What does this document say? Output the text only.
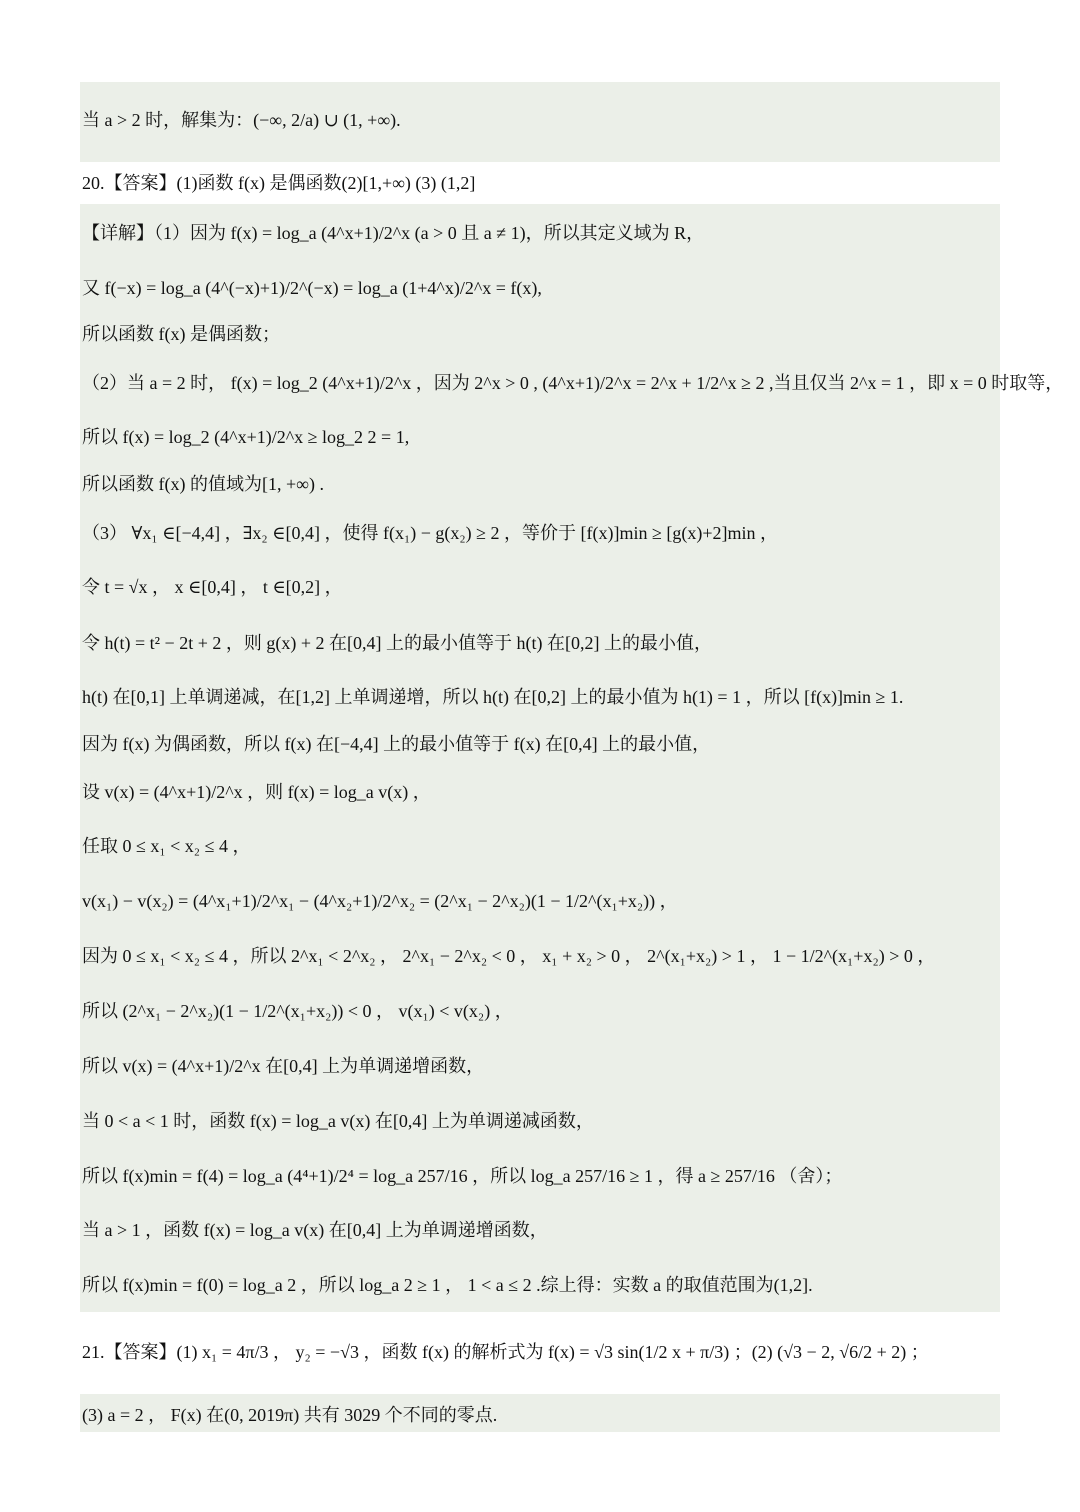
当 a > 2 时，解集为：(−∞, 2/a) ∪ (1, +∞).
20.【答案】(1)函数 f(x) 是偶函数(2)[1,+∞) (3) (1,2]
【详解】（1）因为 f(x) = log_a (4^x+1)/2^x (a > 0 且 a ≠ 1)，所以其定义域为 R，
又 f(−x) = log_a (4^(−x)+1)/2^(−x) = log_a (1+4^x)/2^x = f(x),
所以函数 f(x) 是偶函数；
（2）当 a = 2 时， f(x) = log_2 (4^x+1)/2^x ，因为 2^x > 0 , (4^x+1)/2^x = 2^x + 1/2^x ≥ 2 ,当且仅当 2^x = 1 ，即 x = 0 时取等，
所以 f(x) = log_2 (4^x+1)/2^x ≥ log_2 2 = 1,
所以函数 f(x) 的值域为[1, +∞) .
（3） ∀x₁ ∈[−4,4] ，∃x₂ ∈[0,4] ，使得 f(x₁) − g(x₂) ≥ 2 ，等价于 [f(x)]min ≥ [g(x)+2]min ，
令 t = √x ， x ∈[0,4] ， t ∈[0,2] ，
令 h(t) = t² − 2t + 2 ，则 g(x) + 2 在[0,4] 上的最小值等于 h(t) 在[0,2] 上的最小值，
h(t) 在[0,1] 上单调递减，在[1,2] 上单调递增，所以 h(t) 在[0,2] 上的最小值为 h(1) = 1 ，所以 [f(x)]min ≥ 1.
因为 f(x) 为偶函数，所以 f(x) 在[−4,4] 上的最小值等于 f(x) 在[0,4] 上的最小值，
设 v(x) = (4^x+1)/2^x ，则 f(x) = log_a v(x) ，
任取 0 ≤ x₁ < x₂ ≤ 4 ，
v(x₁) − v(x₂) = (4^x₁+1)/2^x₁ − (4^x₂+1)/2^x₂ = (2^x₁ − 2^x₂)(1 − 1/2^(x₁+x₂)) ，
因为 0 ≤ x₁ < x₂ ≤ 4 ，所以 2^x₁ < 2^x₂ ， 2^x₁ − 2^x₂ < 0 ， x₁ + x₂ > 0 ， 2^(x₁+x₂) > 1 ， 1 − 1/2^(x₁+x₂) > 0 ，
所以 (2^x₁ − 2^x₂)(1 − 1/2^(x₁+x₂)) < 0 ， v(x₁) < v(x₂) ，
所以 v(x) = (4^x+1)/2^x 在[0,4] 上为单调递增函数，
当 0 < a < 1 时，函数 f(x) = log_a v(x) 在[0,4] 上为单调递减函数，
所以 f(x)min = f(4) = log_a (4⁴+1)/2⁴ = log_a 257/16 ，所以 log_a 257/16 ≥ 1 ，得 a ≥ 257/16 （舍）；
当 a > 1 ，函数 f(x) = log_a v(x) 在[0,4] 上为单调递增函数，
所以 f(x)min = f(0) = log_a 2 ，所以 log_a 2 ≥ 1 ， 1 < a ≤ 2 .综上得：实数 a 的取值范围为(1,2].
21.【答案】(1) x₁ = 4π/3 ， y₂ = −√3 ，函数 f(x) 的解析式为 f(x) = √3 sin(1/2 x + π/3) ；(2) (√3 − 2, √6/2 + 2) ；
(3) a = 2 ， F(x) 在(0, 2019π) 共有 3029 个不同的零点.
